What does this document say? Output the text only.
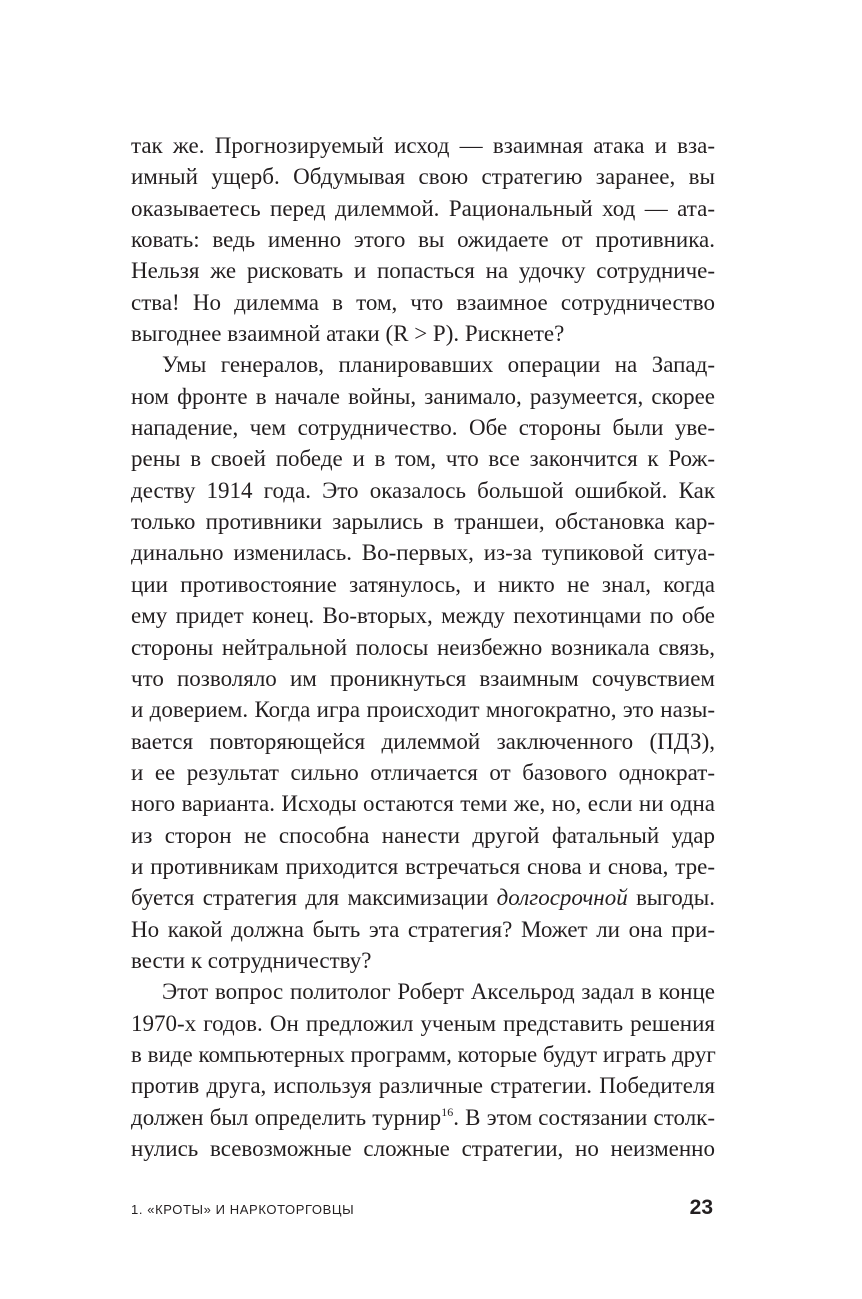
так же. Прогнозируемый исход — взаимная атака и вза-
имный ущерб. Обдумывая свою стратегию заранее, вы
оказываетесь перед дилеммой. Рациональный ход — ата-
ковать: ведь именно этого вы ожидаете от противника.
Нельзя же рисковать и попасться на удочку сотрудниче-
ства! Но дилемма в том, что взаимное сотрудничество
выгоднее взаимной атаки (R > P). Рискнете?
Умы генералов, планировавших операции на Запад-
ном фронте в начале войны, занимало, разумеется, скорее
нападение, чем сотрудничество. Обе стороны были уве-
рены в своей победе и в том, что все закончится к Рож-
деству 1914 года. Это оказалось большой ошибкой. Как
только противники зарылись в траншеи, обстановка кар-
динально изменилась. Во-первых, из-за тупиковой ситуа-
ции противостояние затянулось, и никто не знал, когда
ему придет конец. Во-вторых, между пехотинцами по обе
стороны нейтральной полосы неизбежно возникала связь,
что позволяло им проникнуться взаимным сочувствием
и доверием. Когда игра происходит многократно, это назы-
вается повторяющейся дилеммой заключенного (ПДЗ),
и ее результат сильно отличается от базового однократ-
ного варианта. Исходы остаются теми же, но, если ни одна
из сторон не способна нанести другой фатальный удар
и противникам приходится встречаться снова и снова, тре-
буется стратегия для максимизации долгосрочной выгоды.
Но какой должна быть эта стратегия? Может ли она при-
вести к сотрудничеству?
Этот вопрос политолог Роберт Аксельрод задал в конце
1970-х годов. Он предложил ученым представить решения
в виде компьютерных программ, которые будут играть друг
против друга, используя различные стратегии. Победителя
должен был определить турнир$^{16}$. В этом состязании столк-
нулись всевозможные сложные стратегии, но неизменно
1. «КРОТЫ» И НАРКОТОРГОВЦЫ	23
